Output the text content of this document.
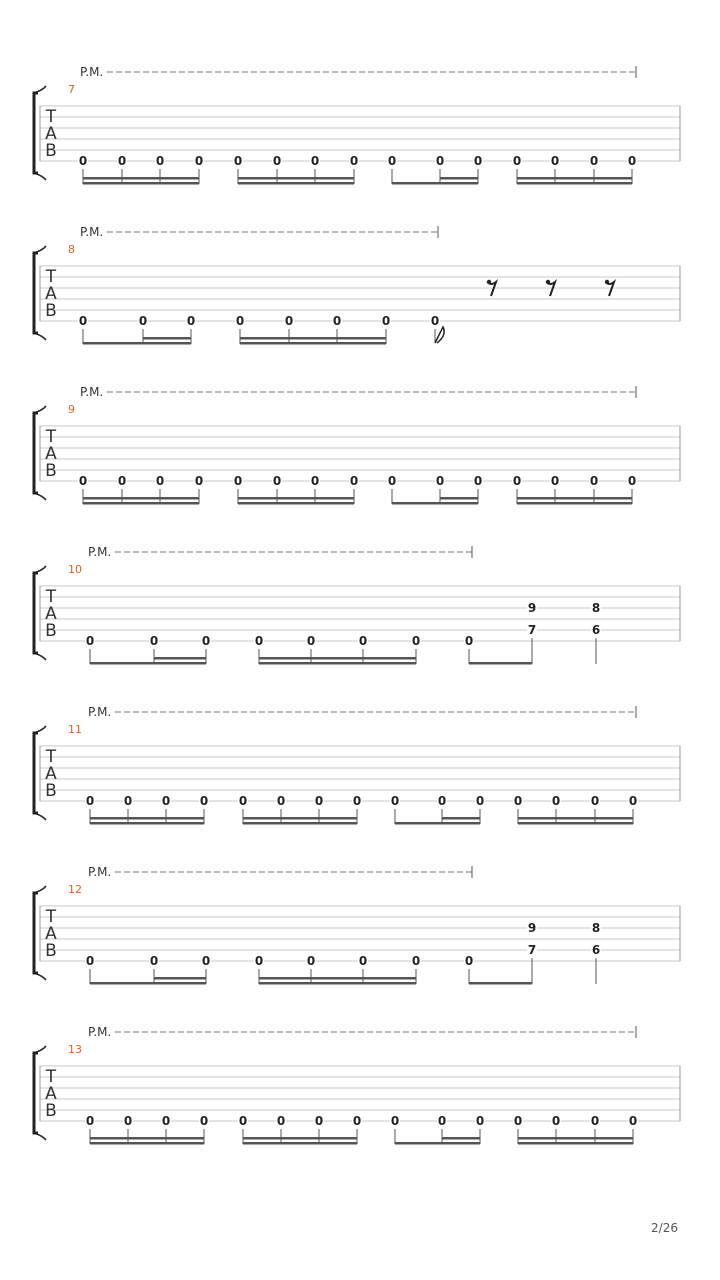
P.M.
7
T
A
B 0	0 0	0	0	0 0	0 0	0 0	0 0	0 0
P.M.
8
T
A
B 0	0	0	0	0	0	0	0
P.M.
9
T
A
B 0	0 0	0	0	0 0	0 0	0 0	0 0	0 0
P.M.
10
T
A
B 0	0	0	0	0	0	0	0
9
7
8
6
P.M.
11
T
A
B 0 0 0 0	0 0 0 0 0	0 0 0 0	0 0
P.M.
12
T
A
B 0	0	0	0	0	0	0	0
9
7
8
6
P.M.
13
T
A
B 0 0 0 0	0 0 0 0 0	0 0 0 0	0 0
2/26
